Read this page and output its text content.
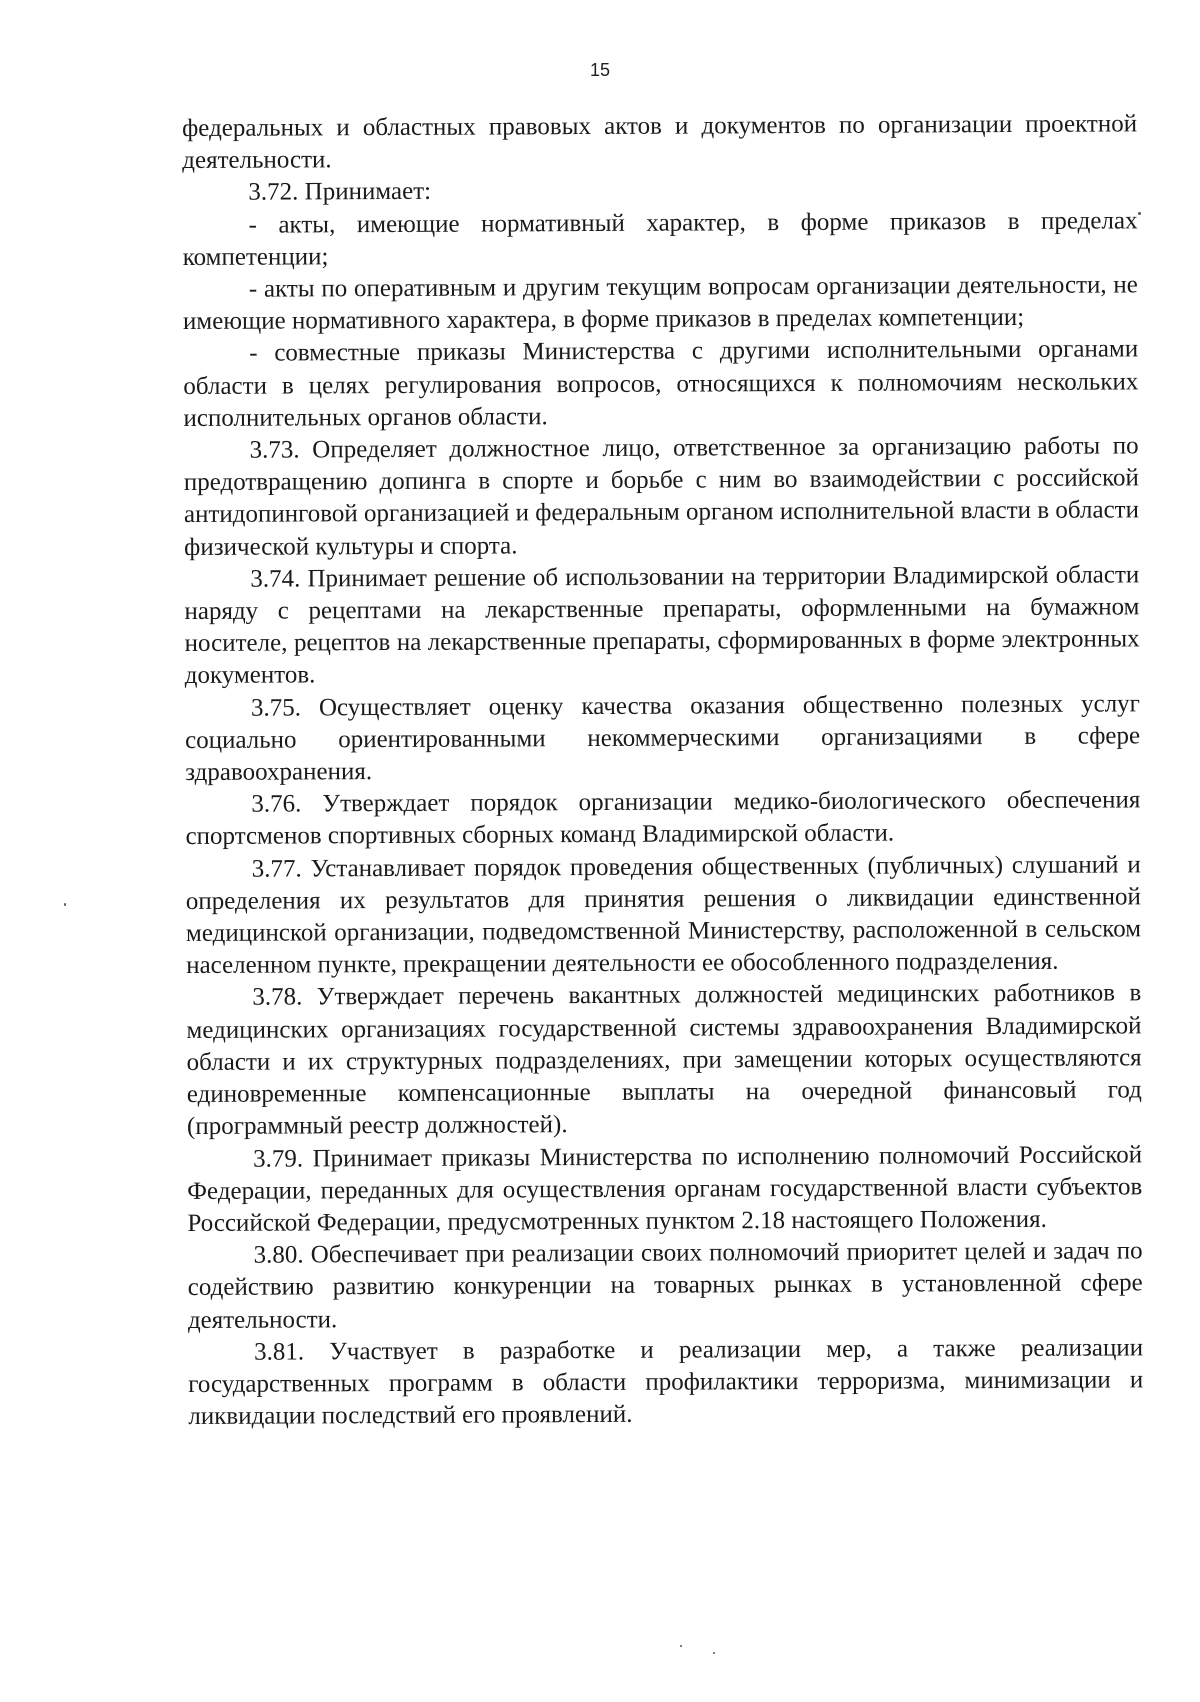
15

федеральных и областных правовых актов и документов по организации проектной деятельности.

3.72. Принимает:

- акты, имеющие нормативный характер, в форме приказов в пределах компетенции;

- акты по оперативным и другим текущим вопросам организации деятельности, не имеющие нормативного характера, в форме приказов в пределах компетенции;

- совместные приказы Министерства с другими исполнительными органами области в целях регулирования вопросов, относящихся к полномочиям нескольких исполнительных органов области.

3.73. Определяет должностное лицо, ответственное за организацию работы по предотвращению допинга в спорте и борьбе с ним во взаимодействии с российской антидопинговой организацией и федеральным органом исполнительной власти в области физической культуры и спорта.

3.74. Принимает решение об использовании на территории Владимирской области наряду с рецептами на лекарственные препараты, оформленными на бумажном носителе, рецептов на лекарственные препараты, сформированных в форме электронных документов.

3.75. Осуществляет оценку качества оказания общественно полезных услуг социально ориентированными некоммерческими организациями в сфере здравоохранения.

3.76. Утверждает порядок организации медико-биологического обеспечения спортсменов спортивных сборных команд Владимирской области.

3.77. Устанавливает порядок проведения общественных (публичных) слушаний и определения их результатов для принятия решения о ликвидации единственной медицинской организации, подведомственной Министерству, расположенной в сельском населенном пункте, прекращении деятельности ее обособленного подразделения.

3.78. Утверждает перечень вакантных должностей медицинских работников в медицинских организациях государственной системы здравоохранения Владимирской области и их структурных подразделениях, при замещении которых осуществляются единовременные компенсационные выплаты на очередной финансовый год (программный реестр должностей).

3.79. Принимает приказы Министерства по исполнению полномочий Российской Федерации, переданных для осуществления органам государственной власти субъектов Российской Федерации, предусмотренных пунктом 2.18 настоящего Положения.

3.80. Обеспечивает при реализации своих полномочий приоритет целей и задач по содействию развитию конкуренции на товарных рынках в установленной сфере деятельности.

3.81. Участвует в разработке и реализации мер, а также реализации государственных программ в области профилактики терроризма, минимизации и ликвидации последствий его проявлений.
